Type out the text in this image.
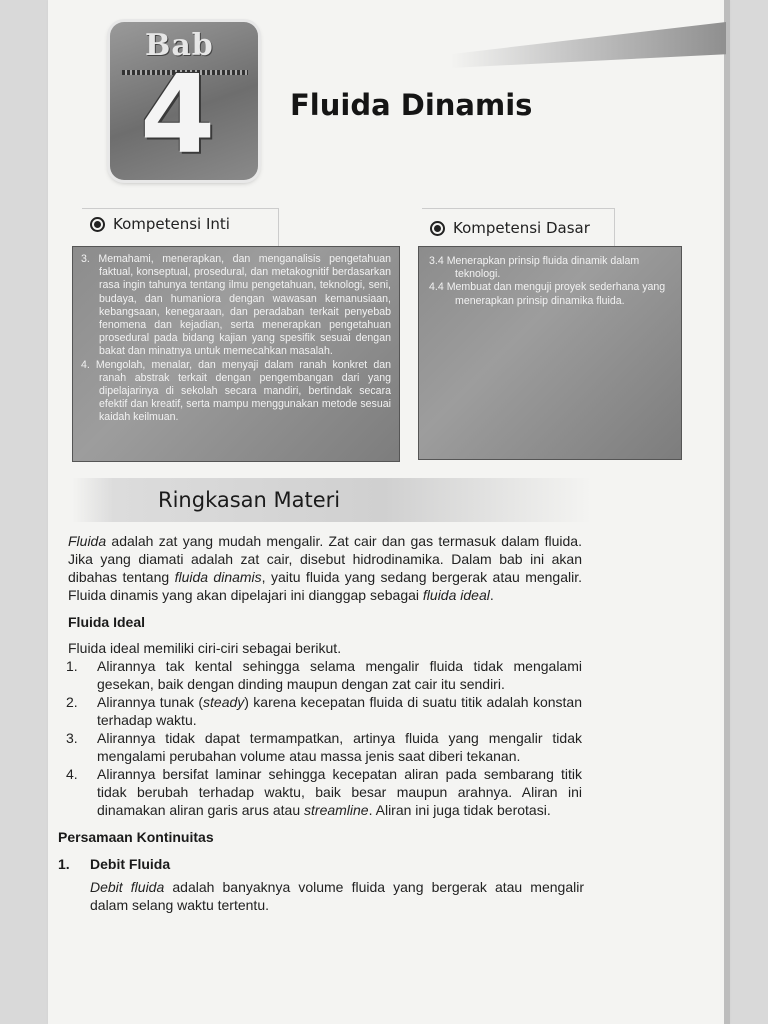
Bab
4	Fluida Dinamis
Kompetensi Inti
3. Memahami, menerapkan, dan menganalisis pengetahuan faktual, konseptual, prosedural, dan metakognitif berdasarkan rasa ingin tahunya tentang ilmu pengetahuan, teknologi, seni, budaya, dan humaniora dengan wawasan kemanusiaan, kebangsaan, kenegaraan, dan peradaban terkait penyebab fenomena dan kejadian, serta menerapkan pengetahuan prosedural pada bidang kajian yang spesifik sesuai dengan bakat dan minatnya untuk memecahkan masalah.
4. Mengolah, menalar, dan menyaji dalam ranah konkret dan ranah abstrak terkait dengan pengembangan dari yang dipelajarinya di sekolah secara mandiri, bertindak secara efektif dan kreatif, serta mampu menggunakan metode sesuai kaidah keilmuan.
Kompetensi Dasar

3.4 Menerapkan prinsip fluida dinamik dalam teknologi.

4.4 Membuat dan menguji proyek sederhana yang menerapkan prinsip dinamika fluida.

Ringkasan Materi
Fluida adalah zat yang mudah mengalir. Zat cair dan gas termasuk dalam fluida. Jika yang diamati adalah zat cair, disebut hidrodinamika. Dalam bab ini akan dibahas tentang fluida dinamis, yaitu fluida yang sedang bergerak atau mengalir. Fluida dinamis yang akan dipelajari ini dianggap sebagai fluida ideal.
Fluida Ideal
Fluida ideal memiliki ciri-ciri sebagai berikut.
1.	Alirannya tak kental sehingga selama mengalir fluida tidak mengalami gesekan, baik dengan dinding maupun dengan zat cair itu sendiri.
2.	Alirannya tunak (steady) karena kecepatan fluida di suatu titik adalah konstan terhadap waktu.
3.	Alirannya tidak dapat termampatkan, artinya fluida yang mengalir tidak mengalami perubahan volume atau massa jenis saat diberi tekanan.
4.	Alirannya bersifat laminar sehingga kecepatan aliran pada sembarang titik tidak berubah terhadap waktu, baik besar maupun arahnya. Aliran ini dinamakan aliran garis arus atau streamline. Aliran ini juga tidak berotasi.
Persamaan Kontinuitas
1. Debit Fluida
Debit fluida adalah banyaknya volume fluida yang bergerak atau mengalir dalam selang waktu tertentu.
